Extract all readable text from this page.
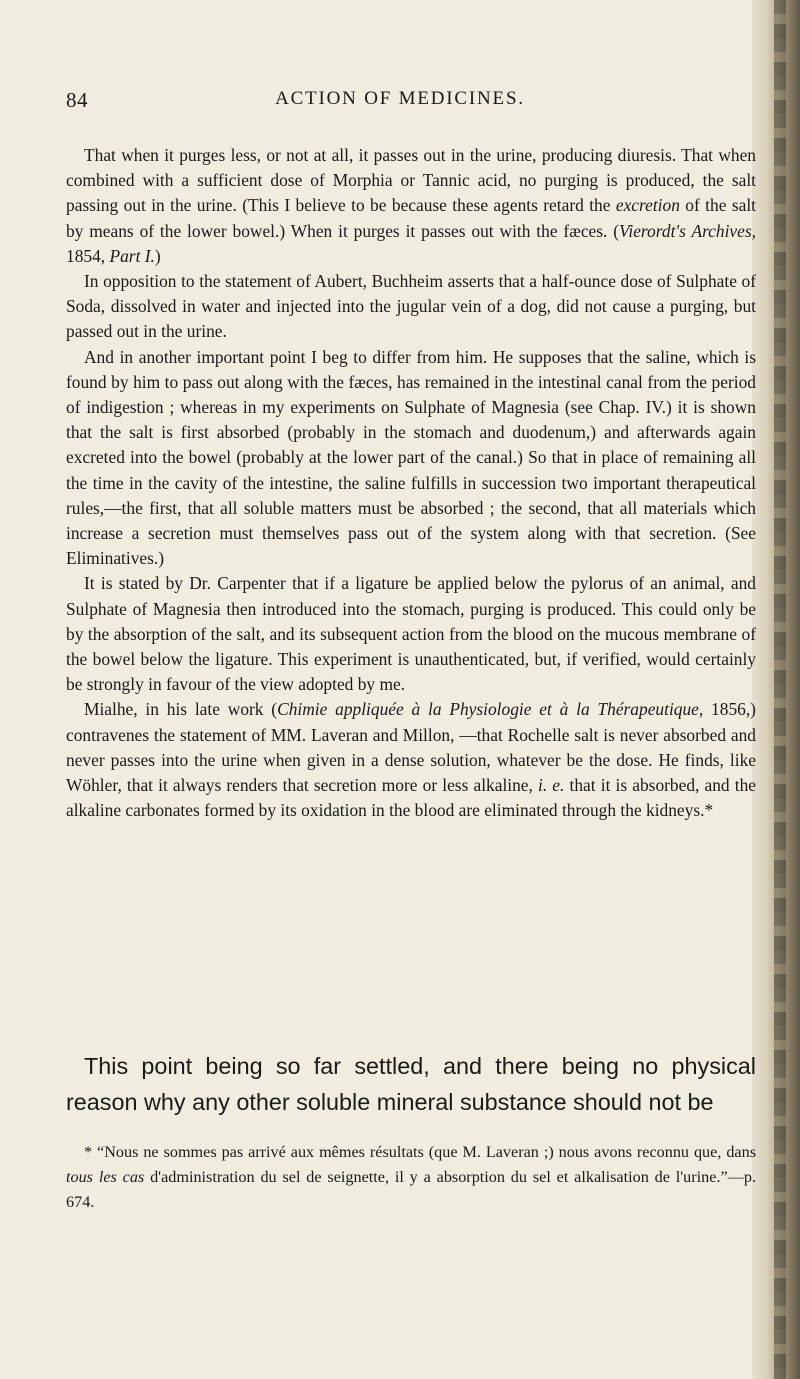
84	ACTION OF MEDICINES.

That when it purges less, or not at all, it passes out in the urine, producing diuresis. That when combined with a sufficient dose of Morphia or Tannic acid, no purging is produced, the salt passing out in the urine. (This I believe to be because these agents retard the excretion of the salt by means of the lower bowel.) When it purges it passes out with the fæces. (Vierordt's Archives, 1854, Part I.)

In opposition to the statement of Aubert, Buchheim asserts that a half-ounce dose of Sulphate of Soda, dissolved in water and injected into the jugular vein of a dog, did not cause a purging, but passed out in the urine.

And in another important point I beg to differ from him. He supposes that the saline, which is found by him to pass out along with the fæces, has remained in the intestinal canal from the period of indigestion ; whereas in my experiments on Sulphate of Magnesia (see Chap. IV.) it is shown that the salt is first absorbed (probably in the stomach and duodenum,) and afterwards again excreted into the bowel (probably at the lower part of the canal.) So that in place of remaining all the time in the cavity of the intestine, the saline fulfills in succession two important therapeutical rules,—the first, that all soluble matters must be absorbed ; the second, that all materials which increase a secretion must themselves pass out of the system along with that secretion. (See Eliminatives.)

It is stated by Dr. Carpenter that if a ligature be applied below the pylorus of an animal, and Sulphate of Magnesia then introduced into the stomach, purging is produced. This could only be by the absorption of the salt, and its subsequent action from the blood on the mucous membrane of the bowel below the ligature. This experiment is unauthenticated, but, if verified, would certainly be strongly in favour of the view adopted by me.

Mialhe, in his late work (Chimie appliquée à la Physiologie et à la Thérapeutique, 1856,) contravenes the statement of MM. Laveran and Millon, —that Rochelle salt is never absorbed and never passes into the urine when given in a dense solution, whatever be the dose. He finds, like Wöhler, that it always renders that secretion more or less alkaline, i. e. that it is absorbed, and the alkaline carbonates formed by its oxidation in the blood are eliminated through the kidneys.*

This point being so far settled, and there being no physical reason why any other soluble mineral substance should not be

* “Nous ne sommes pas arrivé aux mêmes résultats (que M. Laveran ;) nous avons reconnu que, dans tous les cas d'administration du sel de seignette, il y a absorption du sel et alkalisation de l'urine.”—p. 674.
